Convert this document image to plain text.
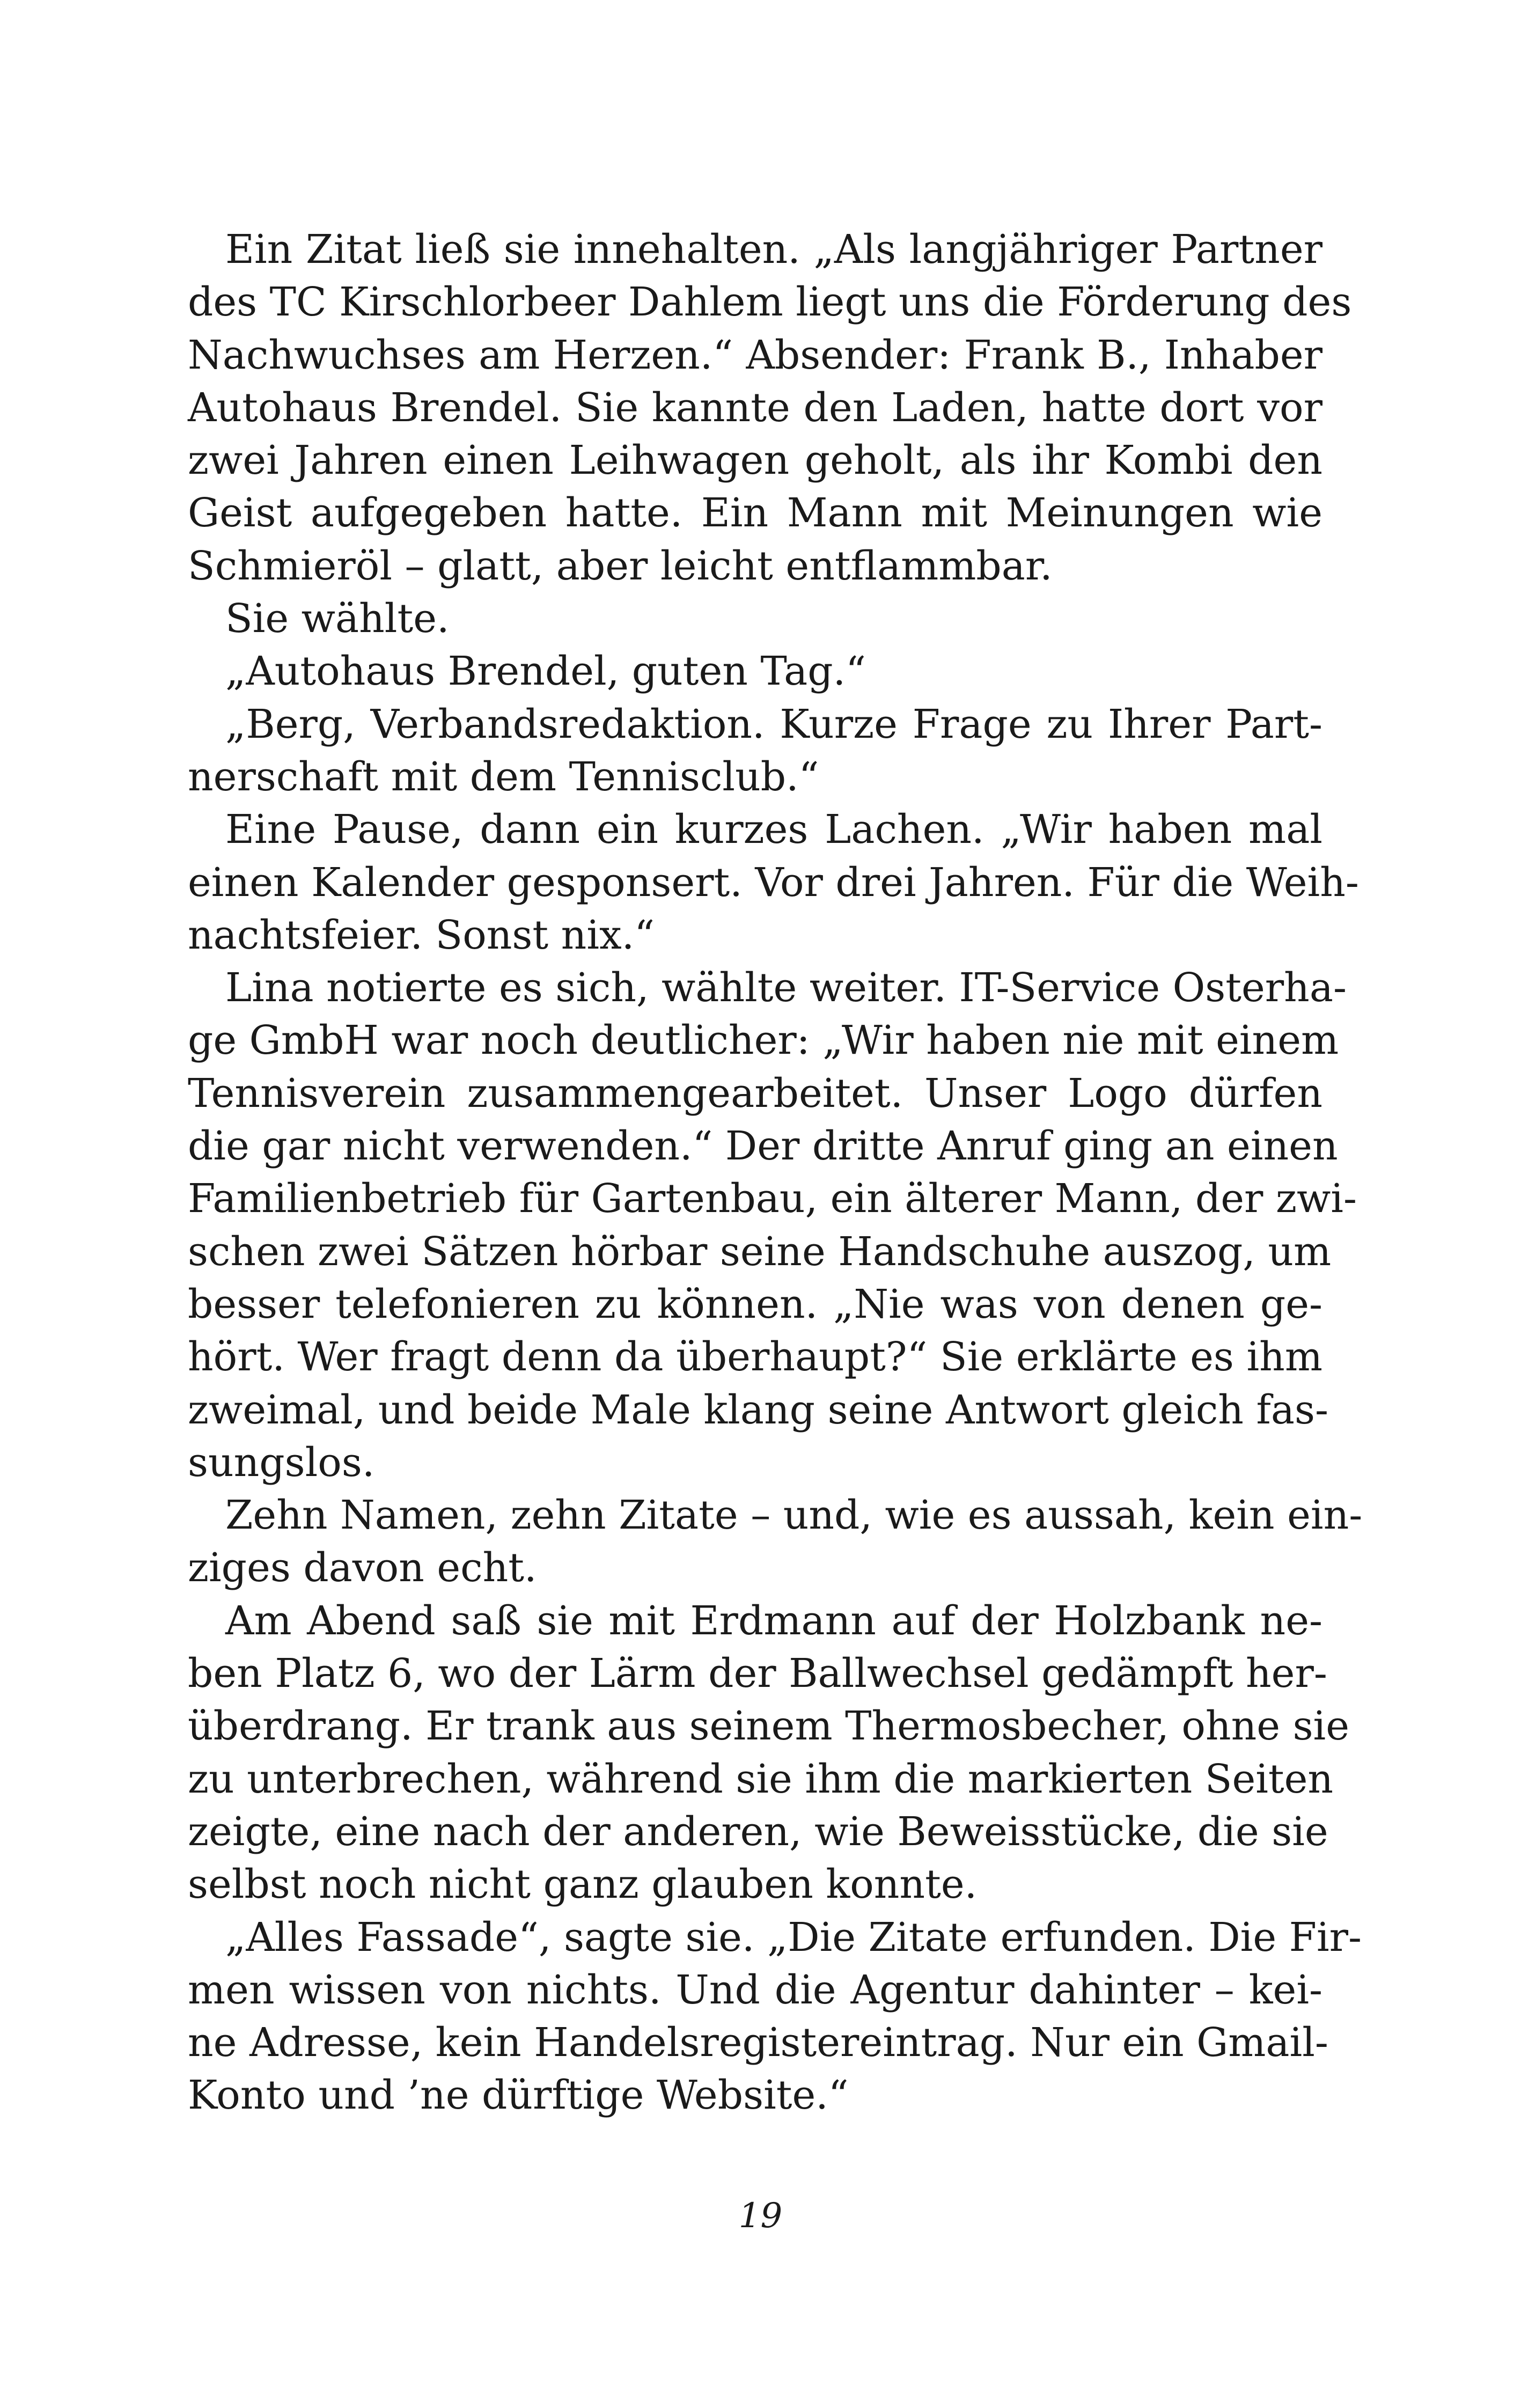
Ein Zitat ließ sie innehalten. „Als langjähriger Partner
des TC Kirschlorbeer Dahlem liegt uns die Förderung des
Nachwuchses am Herzen.“ Absender: Frank B., Inhaber
Autohaus Brendel. Sie kannte den Laden, hatte dort vor
zwei Jahren einen Leihwagen geholt, als ihr Kombi den
Geist aufgegeben hatte. Ein Mann mit Meinungen wie
Schmieröl – glatt, aber leicht entflammbar.
Sie wählte.
„Autohaus Brendel, guten Tag.“
„Berg, Verbandsredaktion. Kurze Frage zu Ihrer Part-
nerschaft mit dem Tennisclub.“
Eine Pause, dann ein kurzes Lachen. „Wir haben mal
einen Kalender gesponsert. Vor drei Jahren. Für die Weih-
nachtsfeier. Sonst nix.“
Lina notierte es sich, wählte weiter. IT-Service Osterha-
ge GmbH war noch deutlicher: „Wir haben nie mit einem
Tennisverein zusammengearbeitet. Unser Logo dürfen
die gar nicht verwenden.“ Der dritte Anruf ging an einen
Familienbetrieb für Gartenbau, ein älterer Mann, der zwi-
schen zwei Sätzen hörbar seine Handschuhe auszog, um
besser telefonieren zu können. „Nie was von denen ge-
hört. Wer fragt denn da überhaupt?“ Sie erklärte es ihm
zweimal, und beide Male klang seine Antwort gleich fas-
sungslos.
Zehn Namen, zehn Zitate – und, wie es aussah, kein ein-
ziges davon echt.
Am Abend saß sie mit Erdmann auf der Holzbank ne-
ben Platz 6, wo der Lärm der Ballwechsel gedämpft her-
überdrang. Er trank aus seinem Thermosbecher, ohne sie
zu unterbrechen, während sie ihm die markierten Seiten
zeigte, eine nach der anderen, wie Beweisstücke, die sie
selbst noch nicht ganz glauben konnte.
„Alles Fassade“, sagte sie. „Die Zitate erfunden. Die Fir-
men wissen von nichts. Und die Agentur dahinter – kei-
ne Adresse, kein Handelsregistereintrag. Nur ein Gmail-
Konto und ’ne dürftige Website.“
19
